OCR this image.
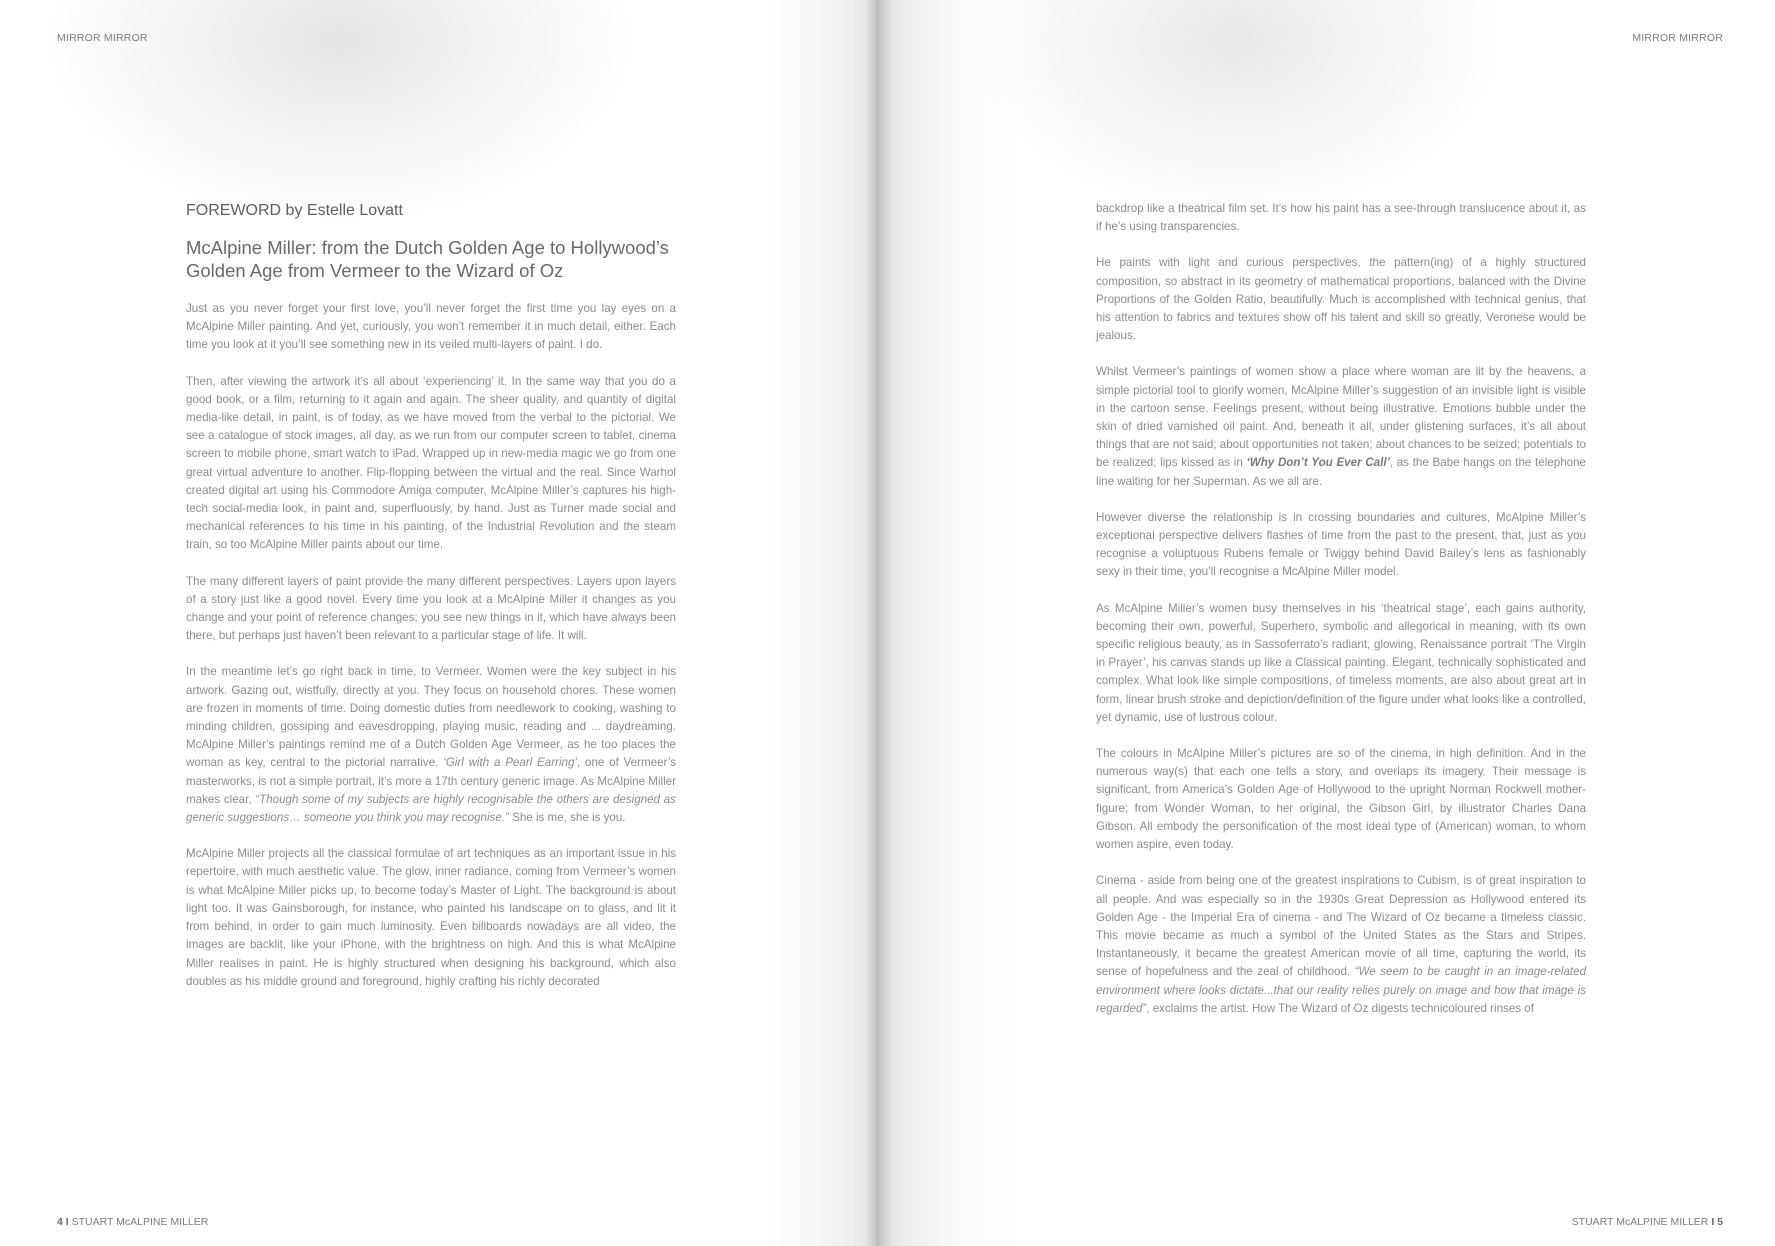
MIRROR MIRROR
FOREWORD by Estelle Lovatt
McAlpine Miller: from the Dutch Golden Age to Hollywood’s Golden Age from Vermeer to the Wizard of Oz

Just as you never forget your first love, you’ll never forget the first time you lay eyes on a McAlpine Miller painting. And yet, curiously, you won’t remember it in much detail, either. Each time you look at it you’ll see something new in its veiled multi-layers of paint. I do.

Then, after viewing the artwork it’s all about ‘experiencing’ it. In the same way that you do a good book, or a film, returning to it again and again. The sheer quality, and quantity of digital media-like detail, in paint, is of today, as we have moved from the verbal to the pictorial. We see a catalogue of stock images, all day, as we run from our computer screen to tablet, cinema screen to mobile phone, smart watch to iPad. Wrapped up in new-media magic we go from one great virtual adventure to another. Flip-flopping between the virtual and the real. Since Warhol created digital art using his Commodore Amiga computer, McAlpine Miller’s captures his high-tech social-media look, in paint and, superfluously, by hand. Just as Turner made social and mechanical references to his time in his painting, of the Industrial Revolution and the steam train, so too McAlpine Miller paints about our time.

The many different layers of paint provide the many different perspectives. Layers upon layers of a story just like a good novel. Every time you look at a McAlpine Miller it changes as you change and your point of reference changes; you see new things in it, which have always been there, but perhaps just haven’t been relevant to a particular stage of life. It will.

In the meantime let’s go right back in time, to Vermeer. Women were the key subject in his artwork. Gazing out, wistfully, directly at you. They focus on household chores. These women are frozen in moments of time. Doing domestic duties from needlework to cooking, washing to minding children, gossiping and eavesdropping, playing music, reading and ... daydreaming. McAlpine Miller’s paintings remind me of a Dutch Golden Age Vermeer, as he too places the woman as key, central to the pictorial narrative. ‘Girl with a Pearl Earring’, one of Vermeer’s masterworks, is not a simple portrait, it’s more a 17th century generic image. As McAlpine Miller makes clear, “Though some of my subjects are highly recognisable the others are designed as generic suggestions… someone you think you may recognise.” She is me, she is you.

McAlpine Miller projects all the classical formulae of art techniques as an important issue in his repertoire, with much aesthetic value. The glow, inner radiance, coming from Vermeer’s women is what McAlpine Miller picks up, to become today’s Master of Light. The background is about light too. It was Gainsborough, for instance, who painted his landscape on to glass, and lit it from behind, in order to gain much luminosity. Even billboards nowadays are all video, the images are backlit, like your iPhone, with the brightness on high. And this is what McAlpine Miller realises in paint. He is highly structured when designing his background, which also doubles as his middle ground and foreground, highly crafting his richly decorated

4 I STUART McALPINE MILLER
MIRROR MIRROR

backdrop like a theatrical film set. It’s how his paint has a see-through translucence about it, as if he’s using transparencies.

He paints with light and curious perspectives, the pattern(ing) of a highly structured composition, so abstract in its geometry of mathematical proportions, balanced with the Divine Proportions of the Golden Ratio, beautifully. Much is accomplished with technical genius, that his attention to fabrics and textures show off his talent and skill so greatly, Veronese would be jealous.

Whilst Vermeer’s paintings of women show a place where woman are lit by the heavens, a simple pictorial tool to glorify women, McAlpine Miller’s suggestion of an invisible light is visible in the cartoon sense. Feelings present, without being illustrative. Emotions bubble under the skin of dried varnished oil paint. And, beneath it all, under glistening surfaces, it’s all about things that are not said; about opportunities not taken; about chances to be seized; potentials to be realized; lips kissed as in ‘Why Don’t You Ever Call’, as the Babe hangs on the telephone line waiting for her Superman. As we all are.

However diverse the relationship is in crossing boundaries and cultures, McAlpine Miller’s exceptional perspective delivers flashes of time from the past to the present, that, just as you recognise a voluptuous Rubens female or Twiggy behind David Bailey’s lens as fashionably sexy in their time, you’ll recognise a McAlpine Miller model.

As McAlpine Miller’s women busy themselves in his ‘theatrical stage’, each gains authority, becoming their own, powerful, Superhero, symbolic and allegorical in meaning, with its own specific religious beauty, as in Sassoferrato’s radiant, glowing, Renaissance portrait ‘The Virgin in Prayer’, his canvas stands up like a Classical painting. Elegant, technically sophisticated and complex. What look like simple compositions, of timeless moments, are also about great art in form, linear brush stroke and depiction/definition of the figure under what looks like a controlled, yet dynamic, use of lustrous colour.

The colours in McAlpine Miller’s pictures are so of the cinema, in high definition. And in the numerous way(s) that each one tells a story, and overlaps its imagery. Their message is significant, from America’s Golden Age of Hollywood to the upright Norman Rockwell mother-figure; from Wonder Woman, to her original, the Gibson Girl, by illustrator Charles Dana Gibson. All embody the personification of the most ideal type of (American) woman, to whom women aspire, even today.

Cinema - aside from being one of the greatest inspirations to Cubism, is of great inspiration to all people. And was especially so in the 1930s Great Depression as Hollywood entered its Golden Age - the Imperial Era of cinema - and The Wizard of Oz became a timeless classic. This movie became as much a symbol of the United States as the Stars and Stripes. Instantaneously, it became the greatest American movie of all time, capturing the world, its sense of hopefulness and the zeal of childhood. “We seem to be caught in an image-related environment where looks dictate...that our reality relies purely on image and how that image is regarded”, exclaims the artist. How The Wizard of Oz digests technicoloured rinses of

STUART McALPINE MILLER I 5
